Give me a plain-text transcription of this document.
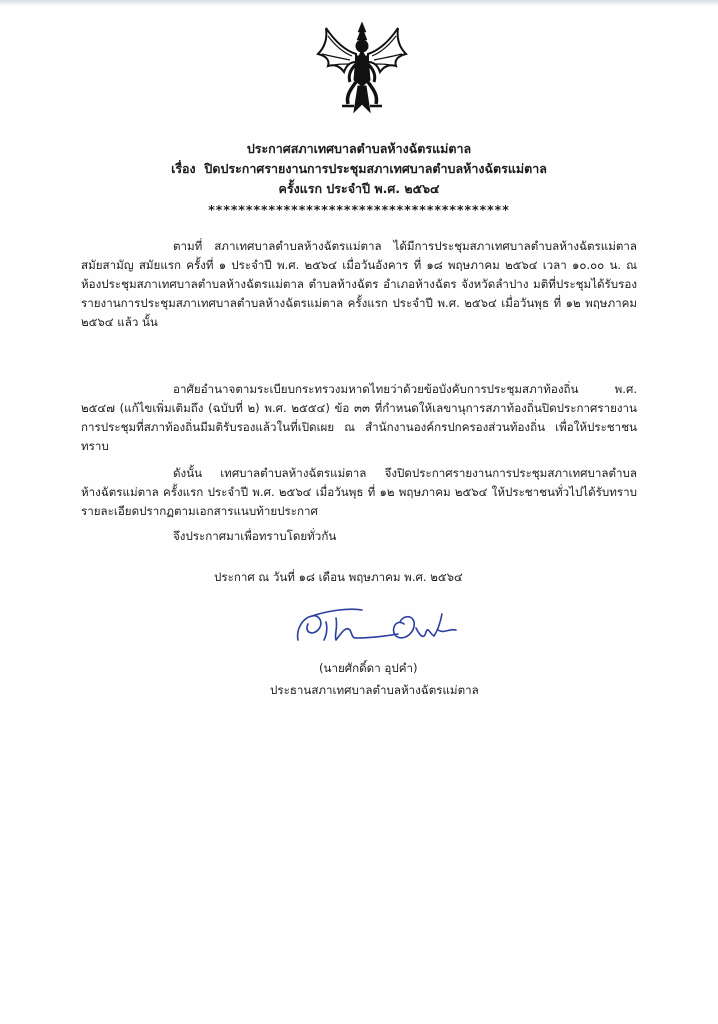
ประกาศสภาเทศบาลตำบลห้างฉัตรแม่ตาล
เรื่อง ปิดประกาศรายงานการประชุมสภาเทศบาลตำบลห้างฉัตรแม่ตาล
ครั้งแรก ประจำปี พ.ศ. ๒๕๖๔
****************************************

ตามที่ สภาเทศบาลตำบลห้างฉัตรแม่ตาล ได้มีการประชุมสภาเทศบาลตำบลห้างฉัตรแม่ตาล สมัยสามัญ สมัยแรก ครั้งที่ ๑ ประจำปี พ.ศ. ๒๕๖๔ เมื่อวันอังคาร ที่ ๑๘ พฤษภาคม ๒๕๖๔ เวลา ๑๐.๐๐ น. ณ ห้องประชุมสภาเทศบาลตำบลห้างฉัตรแม่ตาล ตำบลห้างฉัตร อำเภอห้างฉัตร จังหวัดลำปาง มติที่ประชุมได้รับรองรายงานการประชุมสภาเทศบาลตำบลห้างฉัตรแม่ตาล ครั้งแรก ประจำปี พ.ศ. ๒๕๖๔ เมื่อวันพุธ ที่ ๑๒ พฤษภาคม ๒๕๖๔ แล้ว นั้น

อาศัยอำนาจตามระเบียบกระทรวงมหาดไทยว่าด้วยข้อบังคับการประชุมสภาท้องถิ่น พ.ศ. ๒๕๔๗ (แก้ไขเพิ่มเติมถึง (ฉบับที่ ๒) พ.ศ. ๒๕๕๔) ข้อ ๓๓ ที่กำหนดให้เลขานุการสภาท้องถิ่นปิดประกาศรายงานการประชุมที่สภาท้องถิ่นมีมติรับรองแล้วในที่เปิดเผย ณ สำนักงานองค์กรปกครองส่วนท้องถิ่น เพื่อให้ประชาชนทราบ

ดังนั้น เทศบาลตำบลห้างฉัตรแม่ตาล จึงปิดประกาศรายงานการประชุมสภาเทศบาลตำบลห้างฉัตรแม่ตาล ครั้งแรก ประจำปี พ.ศ. ๒๕๖๔ เมื่อวันพุธ ที่ ๑๒ พฤษภาคม ๒๕๖๔ ให้ประชาชนทั่วไปได้รับทราบรายละเอียดปรากฏตามเอกสารแนบท้ายประกาศ

จึงประกาศมาเพื่อทราบโดยทั่วกัน
ประกาศ ณ วันที่ ๑๘ เดือน พฤษภาคม พ.ศ. ๒๕๖๔
(นายศักดิ์ดา อุปคำ)
ประธานสภาเทศบาลตำบลห้างฉัตรแม่ตาล
